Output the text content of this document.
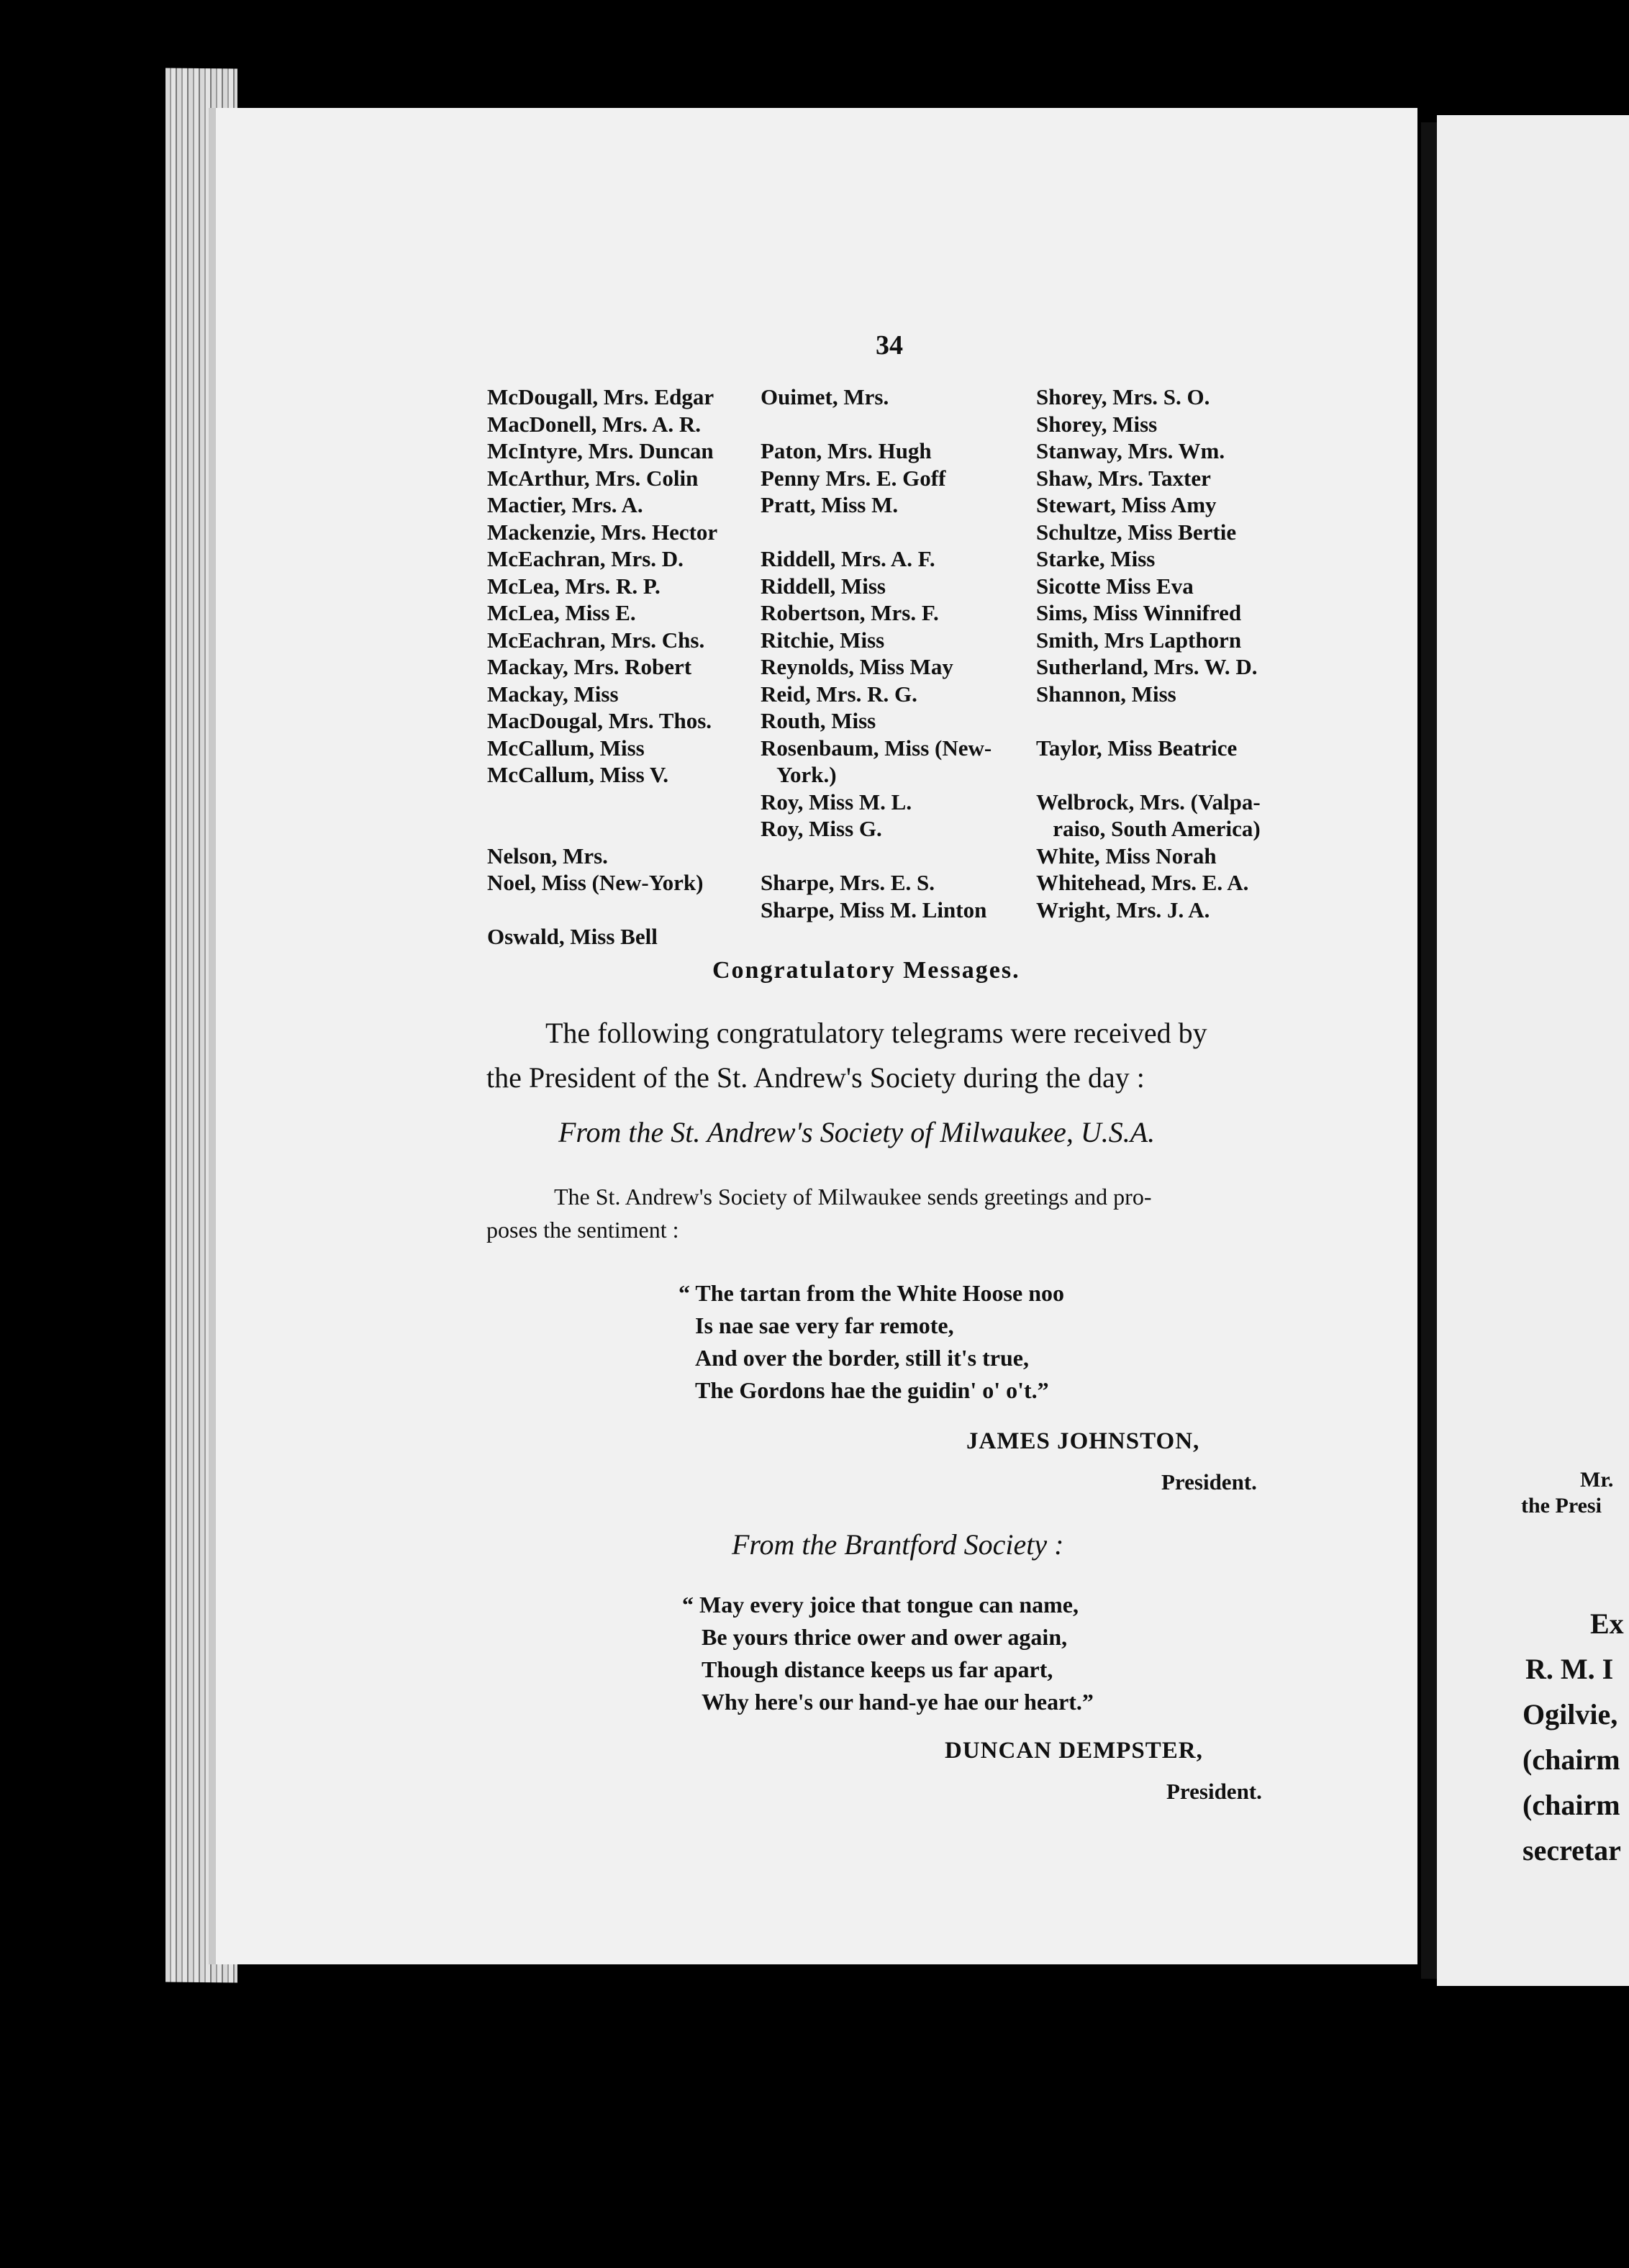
34
McDougall, Mrs. Edgar
MacDonell, Mrs. A. R.
McIntyre, Mrs. Duncan
McArthur, Mrs. Colin
Mactier, Mrs. A.
Mackenzie, Mrs. Hector
McEachran, Mrs. D.
McLea, Mrs. R. P.
McLea, Miss E.
McEachran, Mrs. Chs.
Mackay, Mrs. Robert
Mackay, Miss
MacDougal, Mrs. Thos.
McCallum, Miss
McCallum, Miss V.
Nelson, Mrs.
Noel, Miss (New-York)
Oswald, Miss Bell
Ouimet, Mrs.
Paton, Mrs. Hugh
Penny Mrs. E. Goff
Pratt, Miss M.
Riddell, Mrs. A. F.
Riddell, Miss
Robertson, Mrs. F.
Ritchie, Miss
Reynolds, Miss May
Reid, Mrs. R. G.
Routh, Miss
Rosenbaum, Miss (New-
York.)
Roy, Miss M. L.
Roy, Miss G.
Sharpe, Mrs. E. S.
Sharpe, Miss M. Linton
Shorey, Mrs. S. O.
Shorey, Miss
Stanway, Mrs. Wm.
Shaw, Mrs. Taxter
Stewart, Miss Amy
Schultze, Miss Bertie
Starke, Miss
Sicotte Miss Eva
Sims, Miss Winnifred
Smith, Mrs Lapthorn
Sutherland, Mrs. W. D.
Shannon, Miss
Taylor, Miss Beatrice
Welbrock, Mrs. (Valpa-
raiso, South America)
White, Miss Norah
Whitehead, Mrs. E. A.
Wright, Mrs. J. A.
Congratulatory Messages.
The following congratulatory telegrams were received by
the President of the St. Andrew's Society during the day :
From the St. Andrew's Society of Milwaukee, U.S.A.
The St. Andrew's Society of Milwaukee sends greetings and pro-
poses the sentiment :
“ The tartan from the White Hoose noo
Is nae sae very far remote,
And over the border, still it's true,
The Gordons hae the guidin' o' o't.”
JAMES JOHNSTON,
President.
From the Brantford Society :
“ May every joice that tongue can name,
Be yours thrice ower and ower again,
Though distance keeps us far apart,
Why here's our hand-ye hae our heart.”
DUNCAN DEMPSTER,
President.
Mr.
the Presi
Ex
R. M. I
Ogilvie,
(chairm
(chairm
secretar
